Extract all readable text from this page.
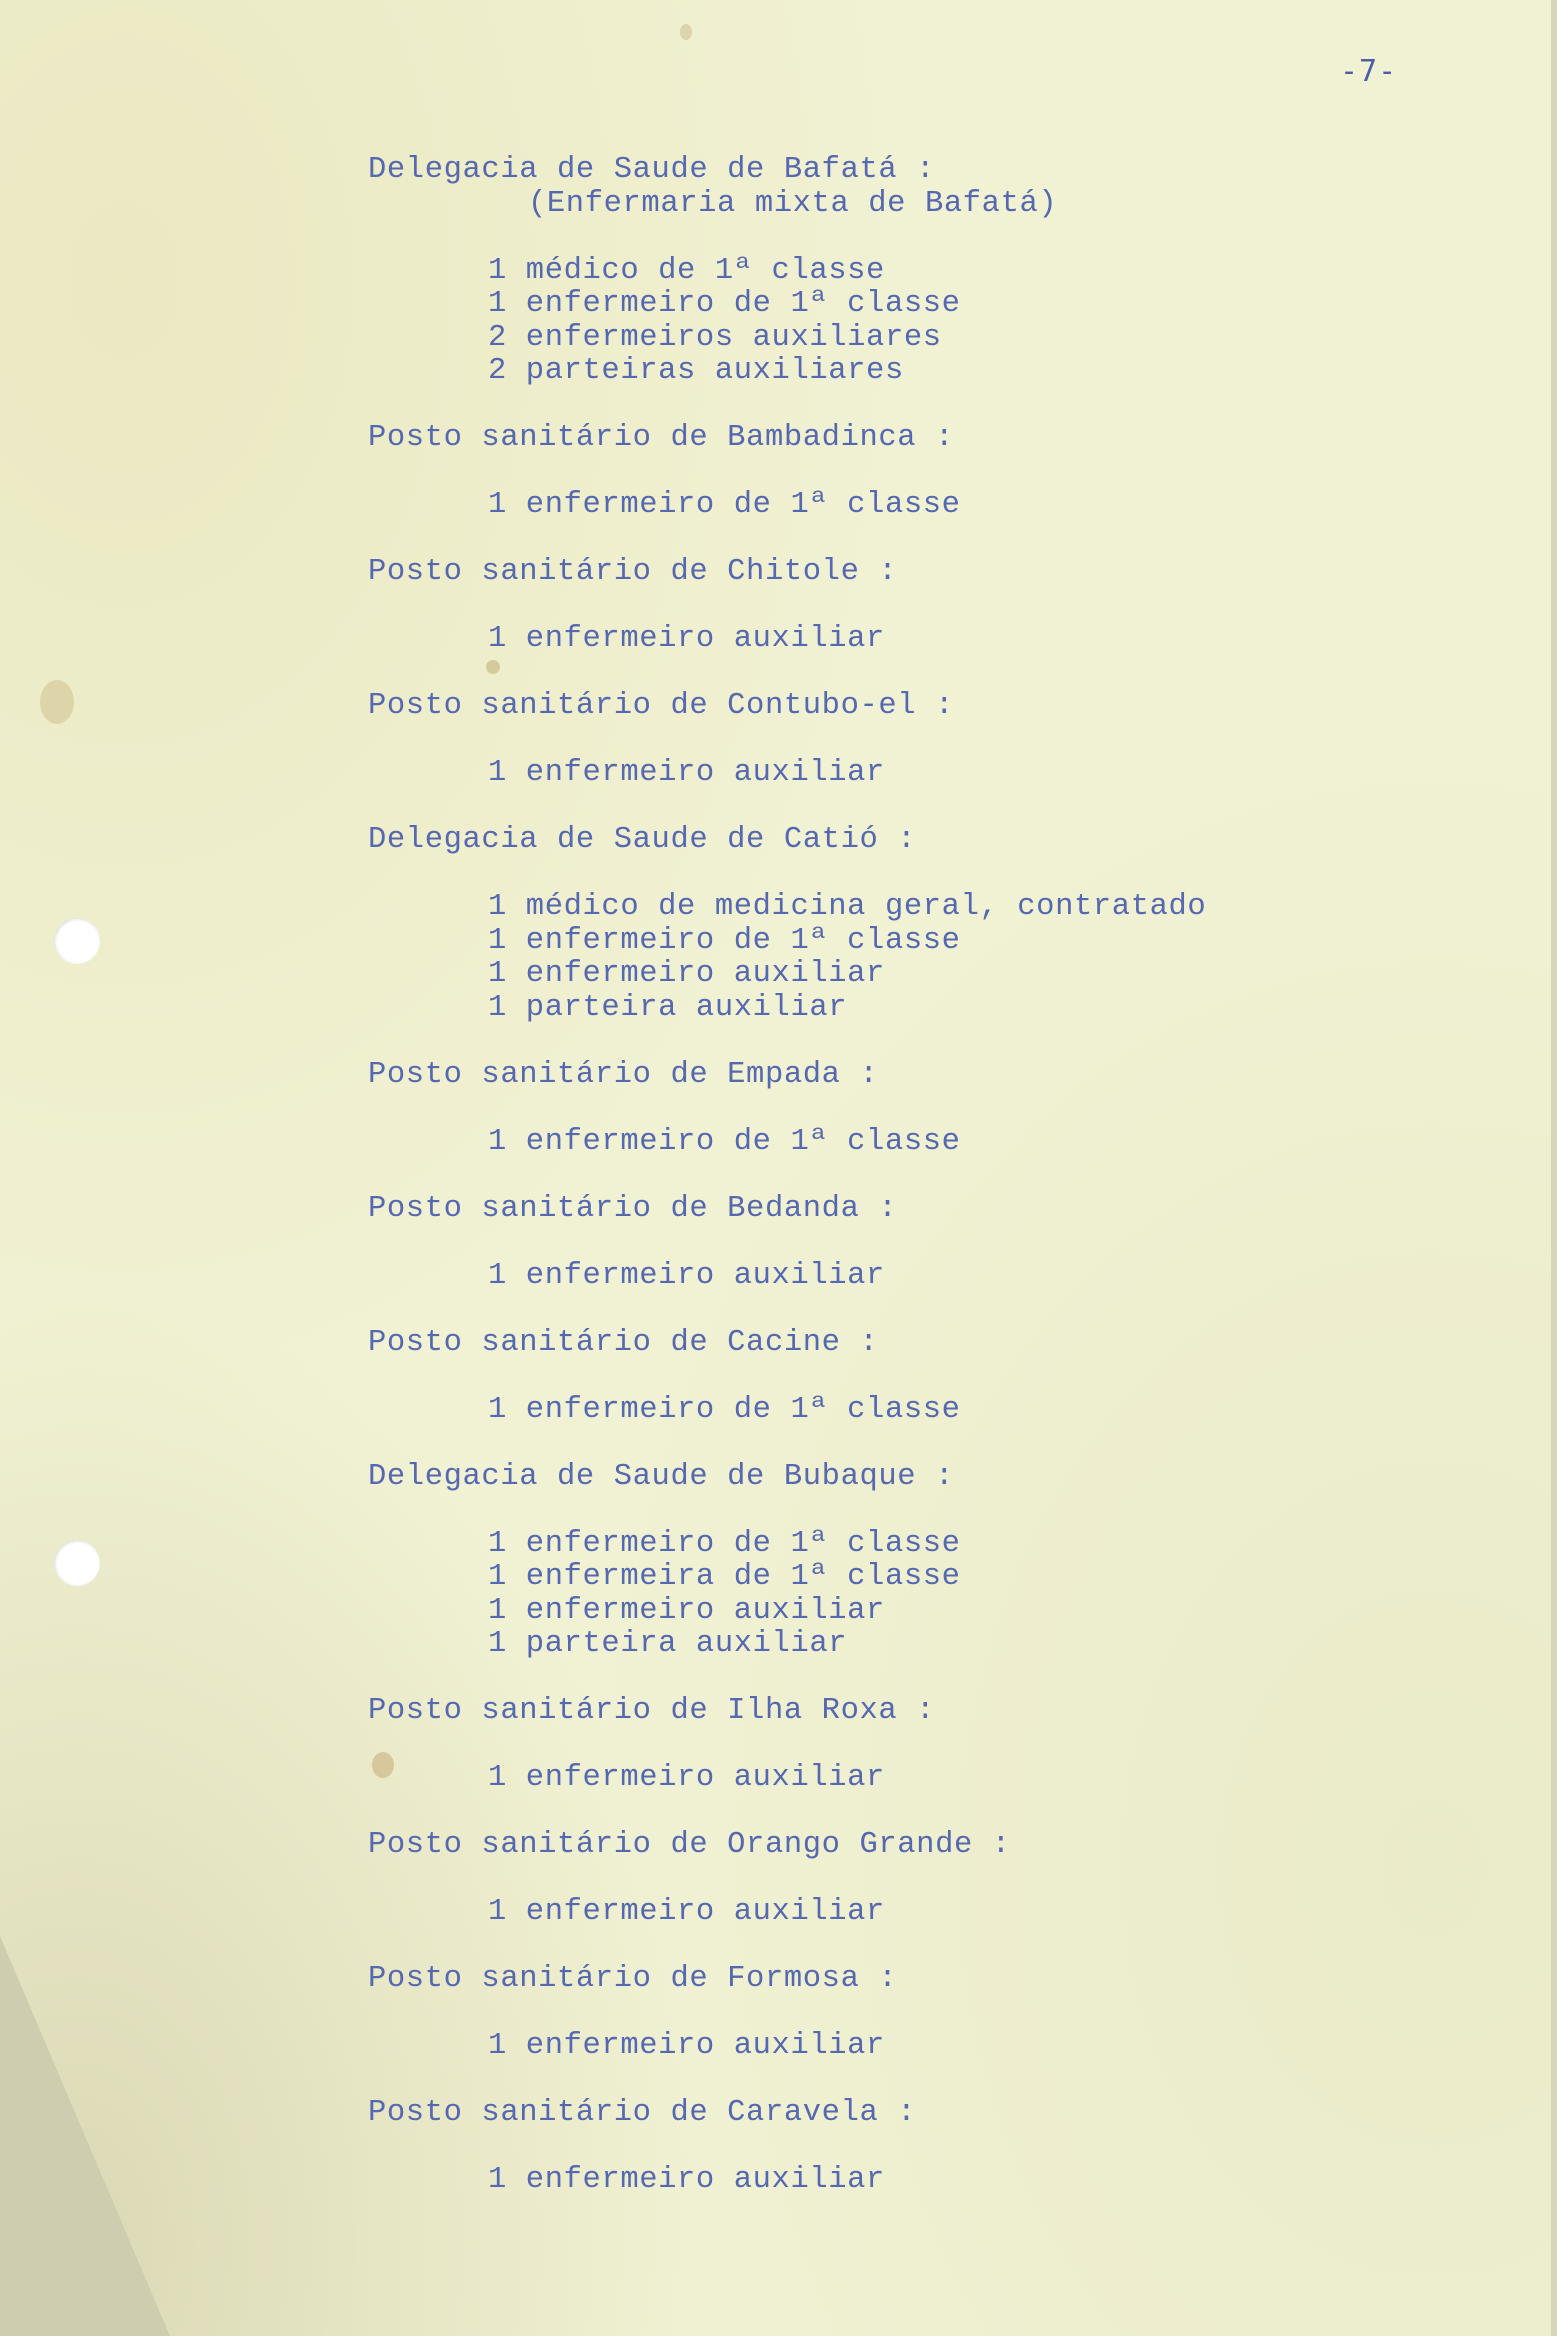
-7-
Delegacia de Saude de Bafatá :
(Enfermaria mixta de Bafatá)
1 médico de 1ª classe
1 enfermeiro de 1ª classe
2 enfermeiros auxiliares
2 parteiras auxiliares
Posto sanitário de Bambadinca :
1 enfermeiro de 1ª classe
Posto sanitário de Chitole :
1 enfermeiro auxiliar
Posto sanitário de Contubo-el :
1 enfermeiro auxiliar
Delegacia de Saude de Catió :
1 médico de medicina geral, contratado
1 enfermeiro de 1ª classe
1 enfermeiro auxiliar
1 parteira auxiliar
Posto sanitário de Empada :
1 enfermeiro de 1ª classe
Posto sanitário de Bedanda :
1 enfermeiro auxiliar
Posto sanitário de Cacine :
1 enfermeiro de 1ª classe
Delegacia de Saude de Bubaque :
1 enfermeiro de 1ª classe
1 enfermeira de 1ª classe
1 enfermeiro auxiliar
1 parteira auxiliar
Posto sanitário de Ilha Roxa :
1 enfermeiro auxiliar
Posto sanitário de Orango Grande :
1 enfermeiro auxiliar
Posto sanitário de Formosa :
1 enfermeiro auxiliar
Posto sanitário de Caravela :
1 enfermeiro auxiliar
